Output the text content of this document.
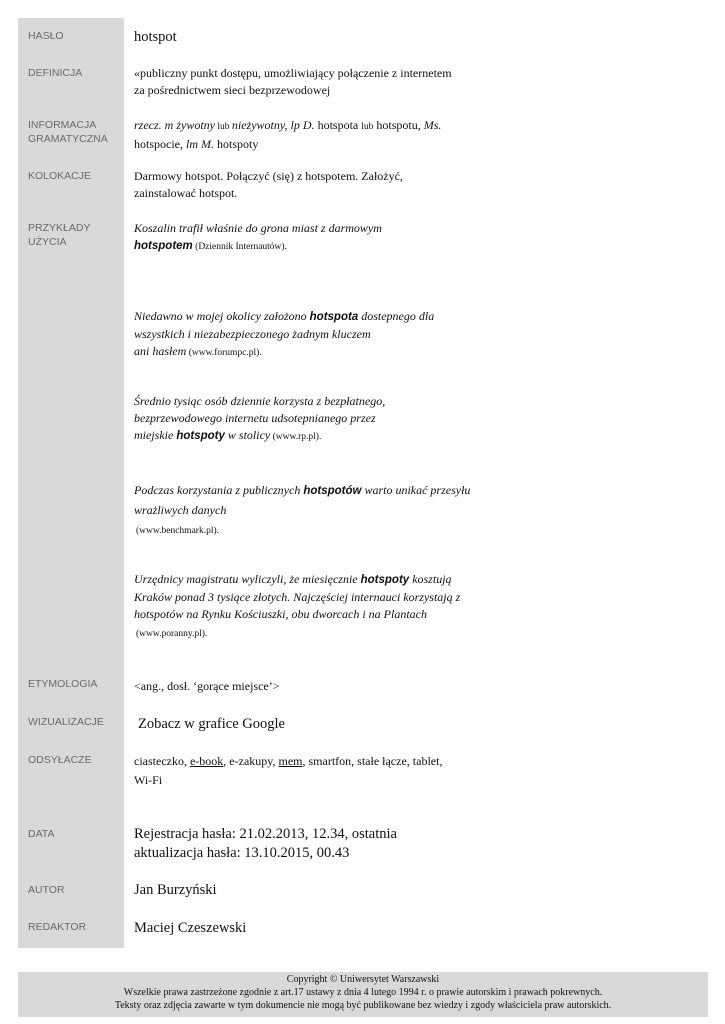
HASŁO
DEFINICJA
INFORMACJA
GRAMATYCZNA
KOLOKACJE
PRZYKŁADY
UŻYCIA
ETYMOLOGIA
WIZUALIZACJE
ODSYŁACZE
DATA
AUTOR
REDAKTOR
hotspot
«publiczny punkt dostępu, umożliwiający połączenie z internetem
za pośrednictwem sieci bezprzewodowej
rzecz. m żywotny lub nieżywotny, lp D. hotspota lub hotspotu, Ms.
hotspocie, lm M. hotspoty
Darmowy hotspot. Połączyć (się) z hotspotem. Założyć,
zainstalować hotspot.
Koszalin trafił właśnie do grona miast z darmowym
hotspotem (Dziennik Internautów).
Niedawno w mojej okolicy założono hotspota dostepnego dla
wszystkich i niezabezpieczonego żadnym kluczem
ani hasłem (www.forumpc.pl).
Średnio tysiąc osób dziennie korzysta z bezpłatnego,
bezprzewodowego internetu udsotepnianego przez
miejskie hotspoty w stolicy (www.rp.pl).
Podczas korzystania z publicznych hotspotów warto unikać przesyłu
wrażliwych danych
(www.benchmark.pl).
Urzędnicy magistratu wyliczyli, że miesięcznie hotspoty kosztują
Kraków ponad 3 tysiące złotych. Najczęściej internauci korzystają z
hotspotów na Rynku Kościuszki, obu dworcach i na Plantach
(www.poranny.pl).
<ang., dosł. ‘gorące miejsce’>
Zobacz w grafice Google
ciasteczko, e-book, e-zakupy, mem, smartfon, stałe łącze, tablet,
Wi-Fi
Rejestracja hasła: 21.02.2013, 12.34, ostatnia
aktualizacja hasła: 13.10.2015, 00.43
Jan Burzyński
Maciej Czeszewski
Copyright © Uniwersytet Warszawski
Wszelkie prawa zastrzeżone zgodnie z art.17 ustawy z dnia 4 lutego 1994 r. o prawie autorskim i prawach pokrewnych.
Teksty oraz zdjęcia zawarte w tym dokumencie nie mogą być publikowane bez wiedzy i zgody właściciela praw autorskich.
